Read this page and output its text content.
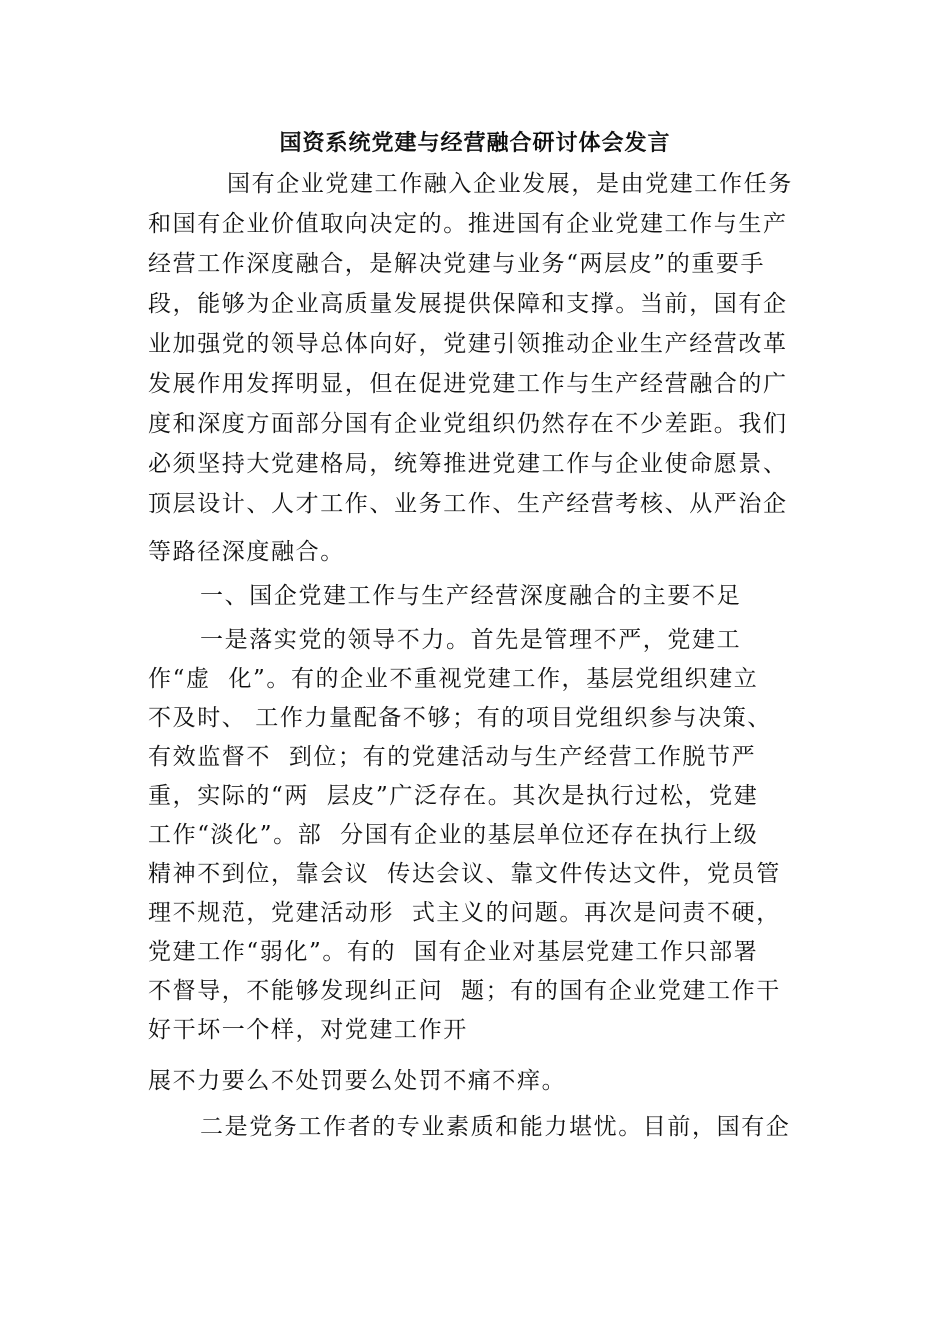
国资系统党建与经营融合研讨体会发言
国有企业党建工作融入企业发展，是由党建工作任务
和国有企业价值取向决定的。推进国有企业党建工作与生产
经营工作深度融合，是解决党建与业务“两层皮”的重要手
段，能够为企业高质量发展提供保障和支撑。当前，国有企
业加强党的领导总体向好，党建引领推动企业生产经营改革
发展作用发挥明显，但在促进党建工作与生产经营融合的广
度和深度方面部分国有企业党组织仍然存在不少差距。我们
必须坚持大党建格局，统筹推进党建工作与企业使命愿景、
顶层设计、人才工作、业务工作、生产经营考核、从严治企
等路径深度融合。
一、国企党建工作与生产经营深度融合的主要不足
一是落实党的领导不力。首先是管理不严，党建工
作“虚  化”。有的企业不重视党建工作，基层党组织建立
不及时、 工作力量配备不够；有的项目党组织参与决策、
有效监督不  到位；有的党建活动与生产经营工作脱节严
重，实际的“两  层皮”广泛存在。其次是执行过松，党建
工作“淡化”。部  分国有企业的基层单位还存在执行上级
精神不到位，靠会议  传达会议、靠文件传达文件，党员管
理不规范，党建活动形  式主义的问题。再次是问责不硬，
党建工作“弱化”。有的  国有企业对基层党建工作只部署
不督导，不能够发现纠正问  题；有的国有企业党建工作干
好干坏一个样，对党建工作开
展不力要么不处罚要么处罚不痛不痒。
二是党务工作者的专业素质和能力堪忧。目前，国有企
